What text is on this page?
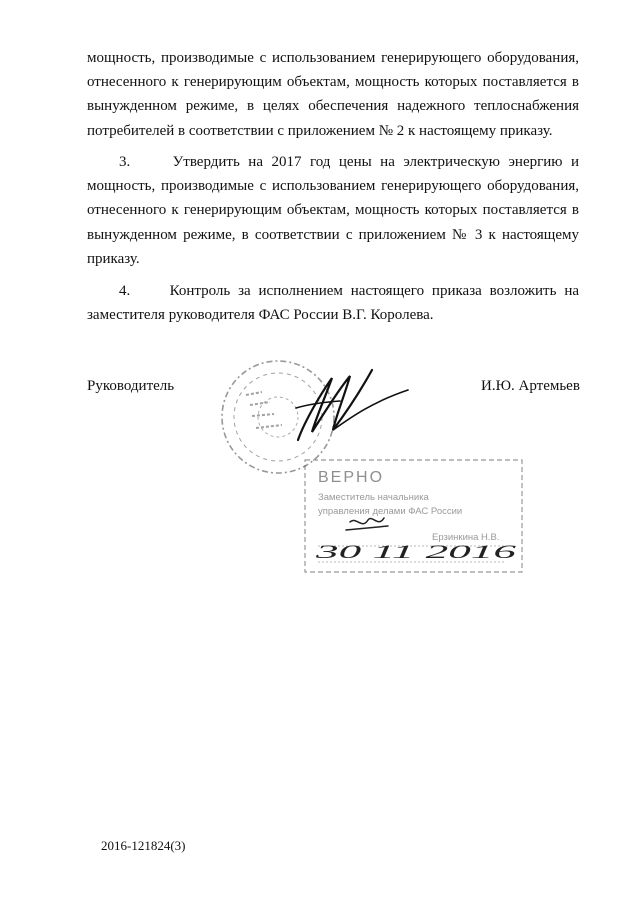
мощность, производимые с использованием генерирующего оборудования, отнесенного к генерирующим объектам, мощность которых поставляется в вынужденном режиме, в целях обеспечения надежного теплоснабжения потребителей в соответствии с приложением № 2 к настоящему приказу.

3.	Утвердить на 2017 год цены на электрическую энергию и мощность, производимые с использованием генерирующего оборудования, отнесенного к генерирующим объектам, мощность которых поставляется в вынужденном режиме, в соответствии с приложением № 3 к настоящему приказу.

4.	Контроль за исполнением настоящего приказа возложить на заместителя руководителя ФАС России В.Г. Королева.

Руководитель	И.Ю. Артемьев
ВЕРНО
Заместитель начальника
управления делами ФАС России
Ерзинкина Н.В.
30 11 2016
2016-121824(3)
